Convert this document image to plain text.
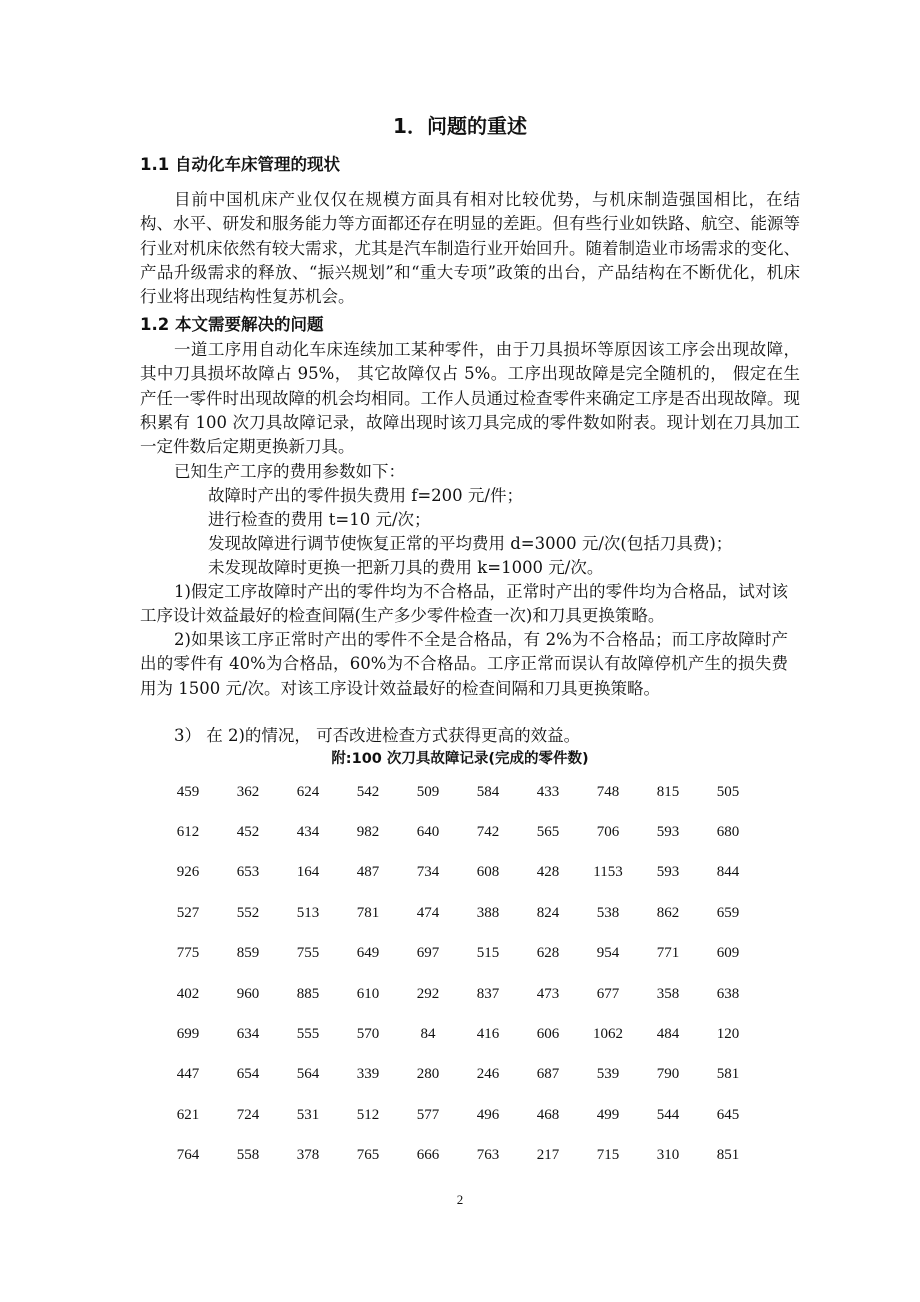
1．问题的重述
1.1 自动化车床管理的现状

目前中国机床产业仅仅在规模方面具有相对比较优势，与机床制造强国相比，在结构、水平、研发和服务能力等方面都还存在明显的差距。但有些行业如铁路、航空、能源等行业对机床依然有较大需求，尤其是汽车制造行业开始回升。随着制造业市场需求的变化、产品升级需求的释放、“振兴规划”和“重大专项”政策的出台，产品结构在不断优化，机床行业将出现结构性复苏机会。

1.2 本文需要解决的问题

一道工序用自动化车床连续加工某种零件，由于刀具损坏等原因该工序会出现故障，其中刀具损坏故障占 95%， 其它故障仅占 5%。工序出现故障是完全随机的， 假定在生产任一零件时出现故障的机会均相同。工作人员通过检查零件来确定工序是否出现故障。现积累有 100 次刀具故障记录，故障出现时该刀具完成的零件数如附表。现计划在刀具加工一定件数后定期更换新刀具。

已知生产工序的费用参数如下：

故障时产出的零件损失费用 f=200 元/件；

进行检查的费用 t=10 元/次；

发现故障进行调节使恢复正常的平均费用 d=3000 元/次(包括刀具费)；

未发现故障时更换一把新刀具的费用 k=1000 元/次。

1)假定工序故障时产出的零件均为不合格品，正常时产出的零件均为合格品，试对该工序设计效益最好的检查间隔(生产多少零件检查一次)和刀具更换策略。

2)如果该工序正常时产出的零件不全是合格品，有 2%为不合格品；而工序故障时产出的零件有 40%为合格品，60%为不合格品。工序正常而误认有故障停机产生的损失费用为 1500 元/次。对该工序设计效益最好的检查间隔和刀具更换策略。

3） 在 2)的情况， 可否改进检查方式获得更高的效益。

附:100 次刀具故障记录(完成的零件数)

459	362	624	542	509	584	433	748	815	505
612	452	434	982	640	742	565	706	593	680
926	653	164	487	734	608	428	1153	593	844
527	552	513	781	474	388	824	538	862	659
775	859	755	649	697	515	628	954	771	609
402	960	885	610	292	837	473	677	358	638
699	634	555	570	84	416	606	1062	484	120
447	654	564	339	280	246	687	539	790	581
621	724	531	512	577	496	468	499	544	645
764	558	378	765	666	763	217	715	310	851

2
